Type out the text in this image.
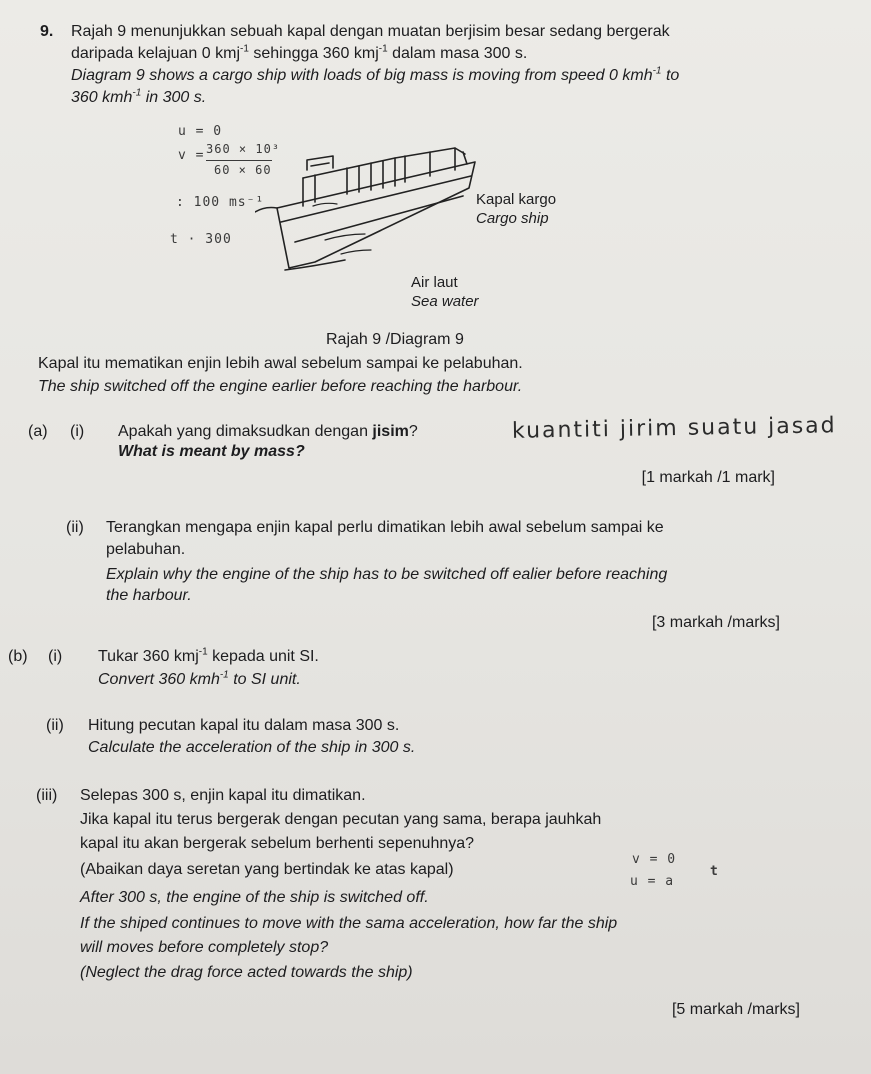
9. Rajah 9 menunjukkan sebuah kapal dengan muatan berjisim besar sedang bergerak
daripada kelajuan 0 kmj$^{-1}$ sehingga 360 kmj$^{-1}$ dalam masa 300 s.
Diagram 9 shows a cargo ship with loads of big mass is moving from speed 0 kmh$^{-1}$ to
360 kmh$^{-1}$ in 300 s.
u = 0
v = 360 × 10³
60 × 60
: 100 ms⁻¹
t · 300
Kapal kargo
Cargo ship
Air laut
Sea water
Rajah 9 /Diagram 9
Kapal itu mematikan enjin lebih awal sebelum sampai ke pelabuhan.
The ship switched off the engine earlier before reaching the harbour.
(a) (i) Apakah yang dimaksudkan dengan jisim?
What is meant by mass?
kuantiti jirim suatu jasad
[1 markah /1 mark]
(ii) Terangkan mengapa enjin kapal perlu dimatikan lebih awal sebelum sampai ke
pelabuhan.
Explain why the engine of the ship has to be switched off ealier before reaching
the harbour.
[3 markah /marks]
(b) (i) Tukar 360 kmj$^{-1}$ kepada unit SI.
Convert 360 kmh$^{-1}$ to SI unit.
(ii) Hitung pecutan kapal itu dalam masa 300 s.
Calculate the acceleration of the ship in 300 s.
(iii) Selepas 300 s, enjin kapal itu dimatikan.
Jika kapal itu terus bergerak dengan pecutan yang sama, berapa jauhkah
kapal itu akan bergerak sebelum berhenti sepenuhnya?
(Abaikan daya seretan yang bertindak ke atas kapal)
After 300 s, the engine of the ship is switched off.
If the shiped continues to move with the sama acceleration, how far the ship
will moves before completely stop?
(Neglect the drag force acted towards the ship)
v = 0
u = a
t
[5 markah /marks]
